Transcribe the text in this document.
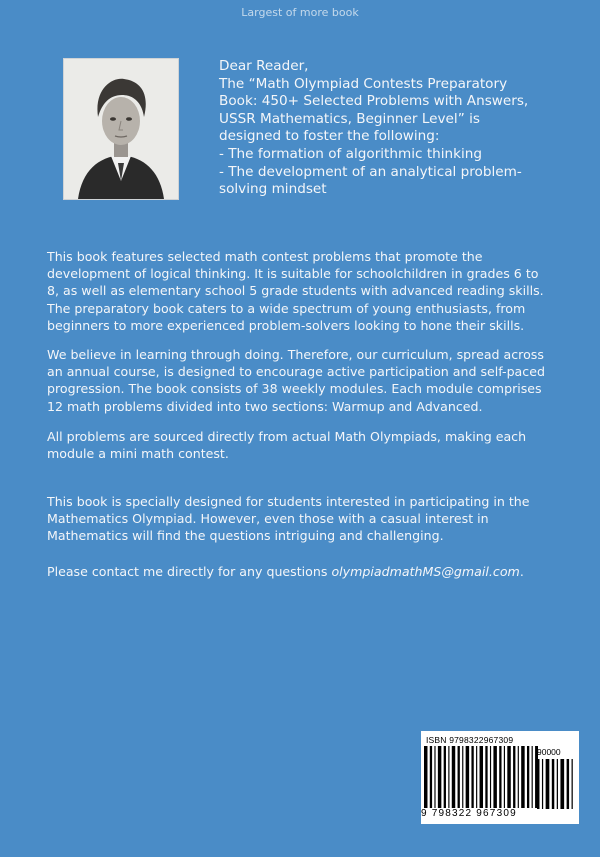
Largest of more book
Dear Reader,
The “Math Olympiad Contests Preparatory
Book: 450+ Selected Problems with Answers,
USSR Mathematics, Beginner Level” is
designed to foster the following:
- The formation of algorithmic thinking
- The development of an analytical problem-
solving mindset
This book features selected math contest problems that promote the
development of logical thinking. It is suitable for schoolchildren in grades 6 to
8, as well as elementary school 5 grade students with advanced reading skills.
The preparatory book caters to a wide spectrum of young enthusiasts, from
beginners to more experienced problem-solvers looking to hone their skills.
We believe in learning through doing. Therefore, our curriculum, spread across
an annual course, is designed to encourage active participation and self-paced
progression. The book consists of 38 weekly modules. Each module comprises
12 math problems divided into two sections: Warmup and Advanced.
All problems are sourced directly from actual Math Olympiads, making each
module a mini math contest.
This book is specially designed for students interested in participating in the
Mathematics Olympiad. However, even those with a casual interest in
Mathematics will find the questions intriguing and challenging.
Please contact me directly for any questions olympiadmathMS@gmail.com.
ISBN 9798322967309
90000
9 798322 967309
